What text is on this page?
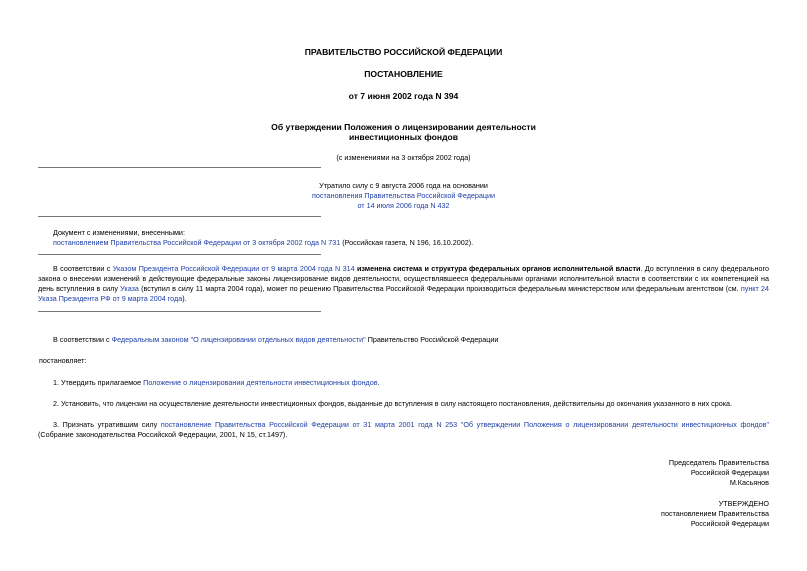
ПРАВИТЕЛЬСТВО РОССИЙСКОЙ ФЕДЕРАЦИИ
ПОСТАНОВЛЕНИЕ
от 7 июня 2002 года N 394
Об утверждении Положения о лицензировании деятельности
инвестиционных фондов
(с изменениями на 3 октября 2002 года)
Утратило силу с 9 августа 2006 года на основании
постановления Правительства Российской Федерации
от 14 июля 2006 года N 432
Документ с изменениями, внесенными:
постановлением Правительства Российской Федерации от 3 октября 2002 года N 731 (Российская газета, N 196, 16.10.2002).
В соответствии с Указом Президента Российской Федерации от 9 марта 2004 года N 314 изменена система и структура федеральных органов исполнительной власти. До вступления в силу федерального закона о внесении изменений в действующие федеральные законы лицензирование видов деятельности, осуществлявшееся федеральными органами исполнительной власти в соответствии с их компетенцией на день вступления в силу Указа (вступил в силу 11 марта 2004 года), может по решению Правительства Российской Федерации производиться федеральным министерством или федеральным агентством (см. пункт 24 Указа Президента РФ от 9 марта 2004 года).
В соответствии с Федеральным законом "О лицензировании отдельных видов деятельности" Правительство Российской Федерации
постановляет:
1. Утвердить прилагаемое Положение о лицензировании деятельности инвестиционных фондов.
2. Установить, что лицензии на осуществление деятельности инвестиционных фондов, выданные до вступления в силу настоящего постановления, действительны до окончания указанного в них срока.
3. Признать утратившим силу постановление Правительства Российской Федерации от 31 марта 2001 года N 253 "Об утверждении Положения о лицензировании деятельности инвестиционных фондов" (Собрание законодательства Российской Федерации, 2001, N 15, ст.1497).
Председатель Правительства
Российской Федерации
М.Касьянов
УТВЕРЖДЕНО
постановлением Правительства
Российской Федерации
